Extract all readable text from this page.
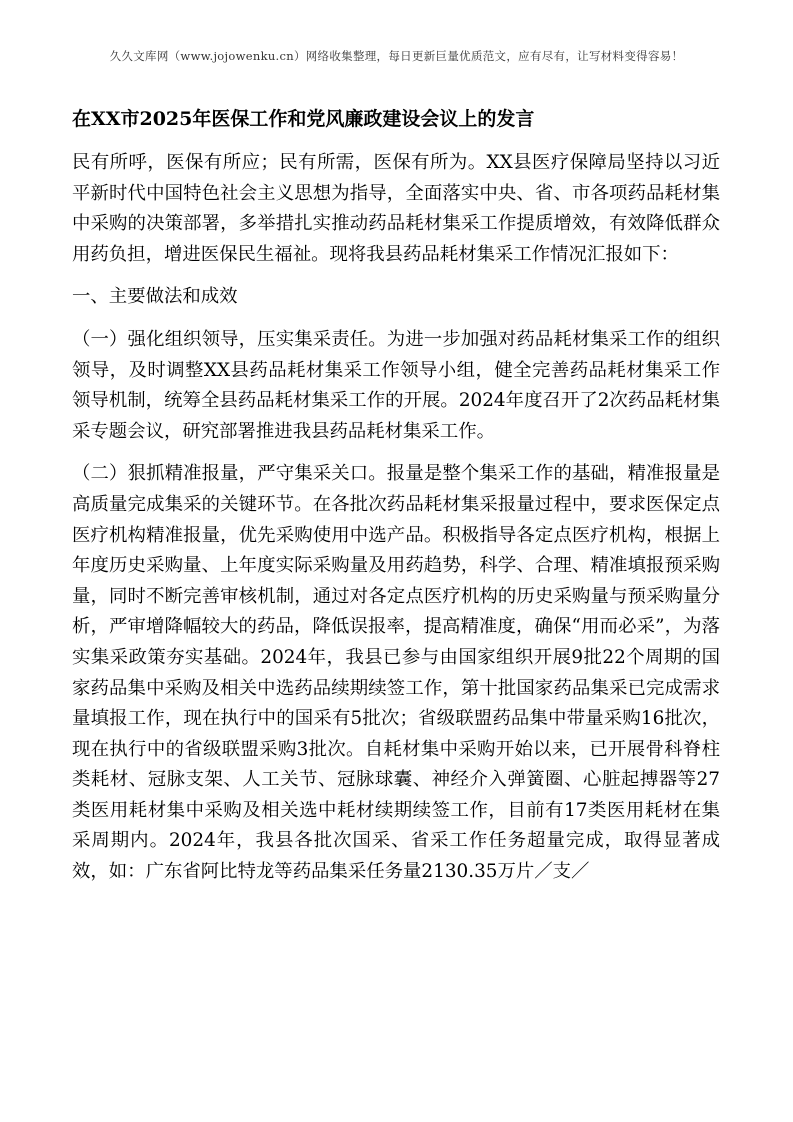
久久文库网（www.jojowenku.cn）网络收集整理，每日更新巨量优质范文，应有尽有，让写材料变得容易！
在XX市2025年医保工作和党风廉政建设会议上的发言

民有所呼，医保有所应；民有所需，医保有所为。XX县医疗保障局坚持以习近平新时代中国特色社会主义思想为指导，全面落实中央、省、市各项药品耗材集中采购的决策部署，多举措扎实推动药品耗材集采工作提质增效，有效降低群众用药负担，增进医保民生福祉。现将我县药品耗材集采工作情况汇报如下：

一、主要做法和成效

（一）强化组织领导，压实集采责任。为进一步加强对药品耗材集采工作的组织领导，及时调整XX县药品耗材集采工作领导小组，健全完善药品耗材集采工作领导机制，统筹全县药品耗材集采工作的开展。2024年度召开了2次药品耗材集采专题会议，研究部署推进我县药品耗材集采工作。

（二）狠抓精准报量，严守集采关口。报量是整个集采工作的基础，精准报量是高质量完成集采的关键环节。在各批次药品耗材集采报量过程中，要求医保定点医疗机构精准报量，优先采购使用中选产品。积极指导各定点医疗机构，根据上年度历史采购量、上年度实际采购量及用药趋势，科学、合理、精准填报预采购量，同时不断完善审核机制，通过对各定点医疗机构的历史采购量与预采购量分析，严审增降幅较大的药品，降低误报率，提高精准度，确保“用而必采”，为落实集采政策夯实基础。2024年，我县已参与由国家组织开展9批22个周期的国家药品集中采购及相关中选药品续期续签工作，第十批国家药品集采已完成需求量填报工作，现在执行中的国采有5批次；省级联盟药品集中带量采购16批次，现在执行中的省级联盟采购3批次。自耗材集中采购开始以来，已开展骨科脊柱类耗材、冠脉支架、人工关节、冠脉球囊、神经介入弹簧圈、心脏起搏器等27类医用耗材集中采购及相关选中耗材续期续签工作，目前有17类医用耗材在集采周期内。2024年，我县各批次国采、省采工作任务超量完成，取得显著成效，如：广东省阿比特龙等药品集采任务量2130.35万片／支／
